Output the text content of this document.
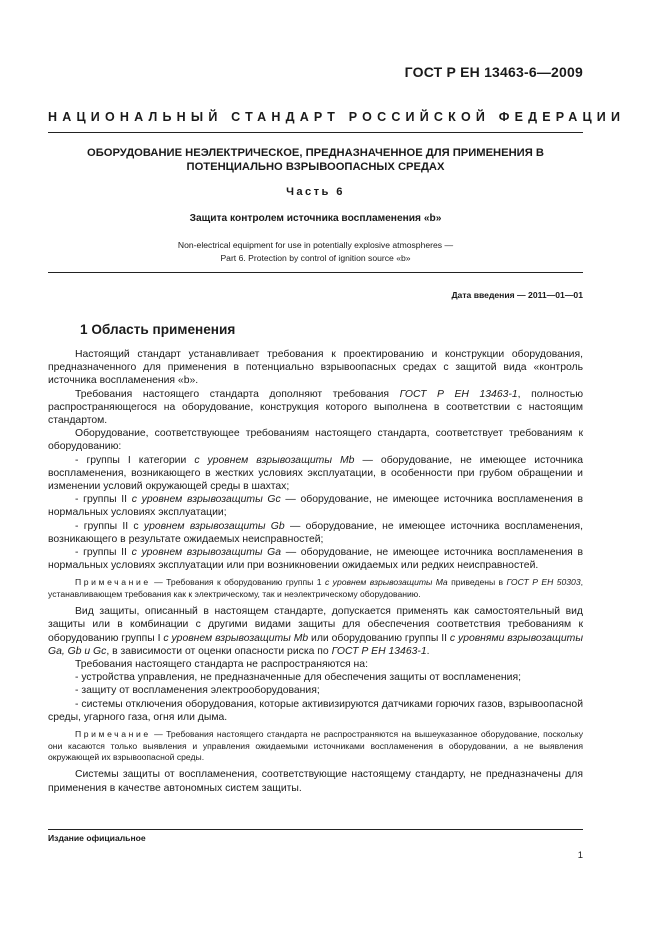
ГОСТ Р ЕН 13463-6—2009
НАЦИОНАЛЬНЫЙ СТАНДАРТ РОССИЙСКОЙ ФЕДЕРАЦИИ
ОБОРУДОВАНИЕ НЕЭЛЕКТРИЧЕСКОЕ, ПРЕДНАЗНАЧЕННОЕ ДЛЯ ПРИМЕНЕНИЯ В
ПОТЕНЦИАЛЬНО ВЗРЫВООПАСНЫХ СРЕДАХ
Часть 6
Защита контролем источника воспламенения «b»
Non-electrical equipment for use in potentially explosive atmospheres —
Part 6. Protection by control of ignition source «b»
Дата введения — 2011—01—01
1 Область применения

Настоящий стандарт устанавливает требования к проектированию и конструкции оборудования, предназначенного для применения в потенциально взрывоопасных средах с защитой вида «контроль источника воспламенения «b».

Требования настоящего стандарта дополняют требования ГОСТ Р ЕН 13463-1, полностью распространяющегося на оборудование, конструкция которого выполнена в соответствии с настоящим стандартом.

Оборудование, соответствующее требованиям настоящего стандарта, соответствует требованиям к оборудованию:

- группы I категории с уровнем взрывозащиты Mb — оборудование, не имеющее источника воспламенения, возникающего в жестких условиях эксплуатации, в особенности при грубом обращении и изменении условий окружающей среды в шахтах;

- группы II с уровнем взрывозащиты Gc — оборудование, не имеющее источника воспламенения в нормальных условиях эксплуатации;

- группы II с уровнем взрывозащиты Gb — оборудование, не имеющее источника воспламенения, возникающего в результате ожидаемых неисправностей;

- группы II с уровнем взрывозащиты Ga — оборудование, не имеющее источника воспламенения в нормальных условиях эксплуатации или при возникновении ожидаемых или редких неисправностей.

Примечание — Требования к оборудованию группы 1 с уровнем взрывозащиты Ma приведены в ГОСТ Р ЕН 50303, устанавливающем требования как к электрическому, так и неэлектрическому оборудованию.

Вид защиты, описанный в настоящем стандарте, допускается применять как самостоятельный вид защиты или в комбинации с другими видами защиты для обеспечения соответствия требованиям к оборудованию группы I с уровнем взрывозащиты Mb или оборудованию группы II с уровнями взрывозащиты Ga, Gb и Gc, в зависимости от оценки опасности риска по ГОСТ Р ЕН 13463-1.

Требования настоящего стандарта не распространяются на:

- устройства управления, не предназначенные для обеспечения защиты от воспламенения;

- защиту от воспламенения электрооборудования;

- системы отключения оборудования, которые активизируются датчиками горючих газов, взрывоопасной среды, угарного газа, огня или дыма.

Примечание — Требования настоящего стандарта не распространяются на вышеуказанное оборудование, поскольку они касаются только выявления и управления ожидаемыми источниками воспламенения в оборудовании, а не выявления окружающей их взрывоопасной среды.

Системы защиты от воспламенения, соответствующие настоящему стандарту, не предназначены для применения в качестве автономных систем защиты.

Издание официальное
1
